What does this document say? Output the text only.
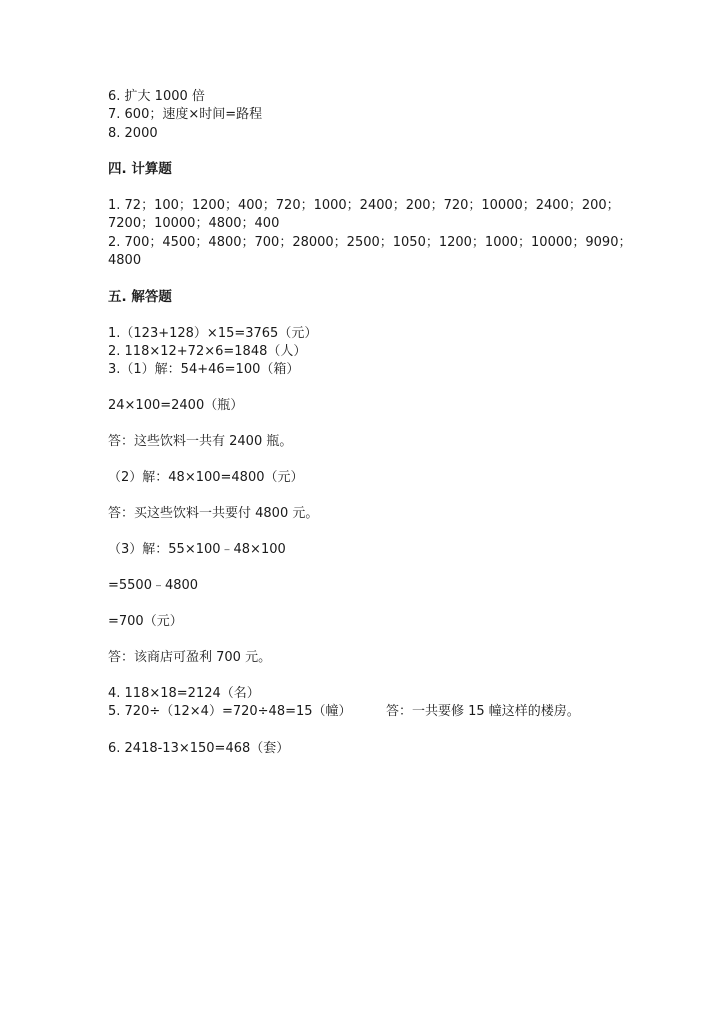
6. 扩大 1000 倍
7. 600；速度×时间=路程
8. 2000
四. 计算题
1. 72；100；1200；400；720；1000；2400；200；720；10000；2400；200；
7200；10000；4800；400
2. 700；4500；4800；700；28000；2500；1050；1200；1000；10000；9090；
4800
五. 解答题
1.（123+128）×15=3765（元）
2. 118×12+72×6=1848（人）
3.（1）解：54+46=100（箱）
24×100=2400（瓶）
答：这些饮料一共有 2400 瓶。
（2）解：48×100=4800（元）
答：买这些饮料一共要付 4800 元。
（3）解：55×100﹣48×100
=5500﹣4800
=700（元）
答：该商店可盈利 700 元。
4. 118×18=2124（名）
5. 720÷（12×4）=720÷48=15（幢）	答：一共要修 15 幢这样的楼房。
6. 2418-13×150=468（套）
